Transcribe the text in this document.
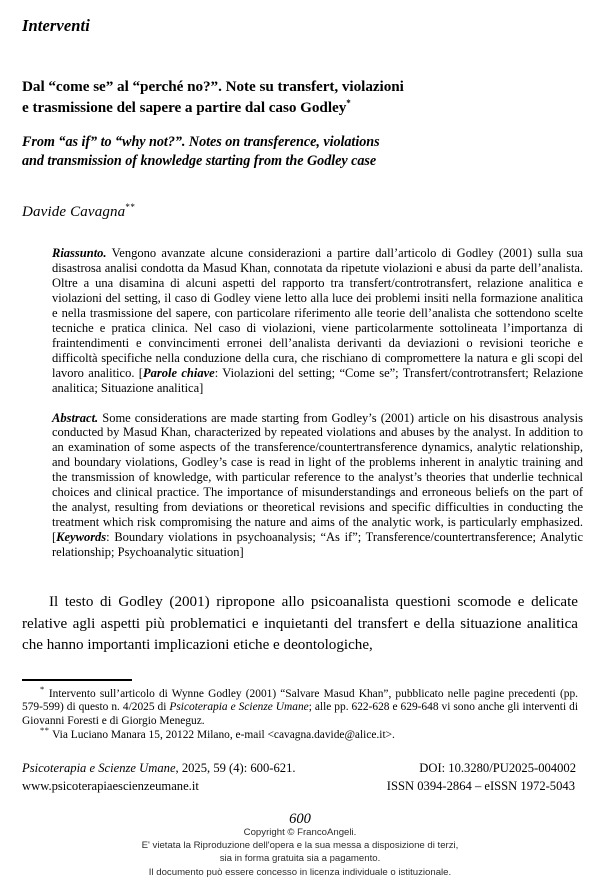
Interventi
Dal “come se” al “perché no?”. Note su transfert, violazioni
e trasmissione del sapere a partire dal caso Godley*
From “as if” to “why not?”. Notes on transference, violations
and transmission of knowledge starting from the Godley case
Davide Cavagna**
Riassunto. Vengono avanzate alcune considerazioni a partire dall’articolo di Godley (2001) sulla sua disastrosa analisi condotta da Masud Khan, connotata da ripetute violazioni e abusi da parte dell’analista. Oltre a una disamina di alcuni aspetti del rapporto tra transfert/controtransfert, relazione analitica e violazioni del setting, il caso di Godley viene letto alla luce dei problemi insiti nella formazione analitica e nella trasmissione del sapere, con particolare riferimento alle teorie dell’analista che sottendono scelte tecniche e pratica clinica. Nel caso di violazioni, viene particolarmente sottolineata l’importanza di fraintendimenti e convincimenti erronei dell’analista derivanti da deviazioni o revisioni teoriche e difficoltà specifiche nella conduzione della cura, che rischiano di compromettere la natura e gli scopi del lavoro analitico. [Parole chiave: Violazioni del setting; “Come se”; Transfert/controtransfert; Relazione analitica; Situazione analitica]
Abstract. Some considerations are made starting from Godley’s (2001) article on his disastrous analysis conducted by Masud Khan, characterized by repeated violations and abuses by the analyst. In addition to an examination of some aspects of the transference/countertransference dynamics, analytic relationship, and boundary violations, Godley’s case is read in light of the problems inherent in analytic training and the transmission of knowledge, with particular reference to the analyst’s theories that underlie technical choices and clinical practice. The importance of misunderstandings and erroneous beliefs on the part of the analyst, resulting from deviations or theoretical revisions and specific difficulties in conducting the treatment which risk compromising the nature and aims of the analytic work, is particularly emphasized. [Keywords: Boundary violations in psychoanalysis; “As if”; Transference/countertransference; Analytic relationship; Psychoanalytic situation]
Il testo di Godley (2001) ripropone allo psicoanalista questioni scomode e delicate relative agli aspetti più problematici e inquietanti del transfert e della situazione analitica che hanno importanti implicazioni etiche e deontologiche,

* Intervento sull’articolo di Wynne Godley (2001) “Salvare Masud Khan”, pubblicato nelle pagine precedenti (pp. 579-599) di questo n. 4/2025 di Psicoterapia e Scienze Umane; alle pp. 622-628 e 629-648 vi sono anche gli interventi di Giovanni Foresti e di Giorgio Meneguz.

** Via Luciano Manara 15, 20122 Milano, e-mail <cavagna.davide@alice.it>.

Psicoterapia e Scienze Umane, 2025, 59 (4): 600-621.	DOI: 10.3280/PU2025-004002
www.psicoterapiaescienzeumane.it	ISSN 0394-2864 – eISSN 1972-5043
600
Copyright © FrancoAngeli.
E' vietata la Riproduzione dell'opera e la sua messa a disposizione di terzi,
sia in forma gratuita sia a pagamento.
Il documento può essere concesso in licenza individuale o istituzionale.
